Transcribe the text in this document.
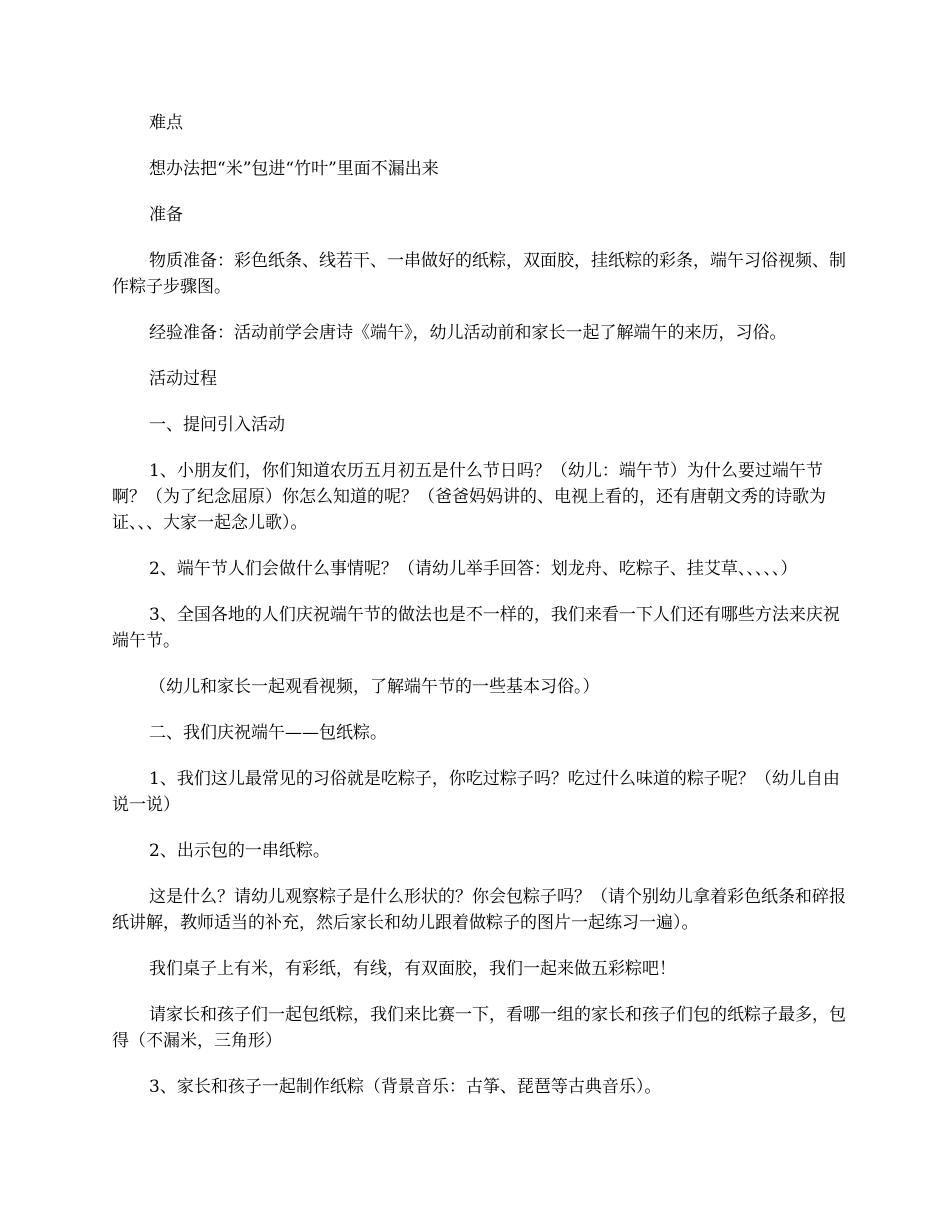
难点

想办法把“米”包进“竹叶”里面不漏出来

准备

物质准备：彩色纸条、线若干、一串做好的纸粽，双面胶，挂纸粽的彩条，端午习俗视频、制作粽子步骤图。

经验准备：活动前学会唐诗《端午》，幼儿活动前和家长一起了解端午的来历，习俗。

活动过程

一、提问引入活动

1、小朋友们，你们知道农历五月初五是什么节日吗？（幼儿：端午节）为什么要过端午节啊？（为了纪念屈原）你怎么知道的呢？（爸爸妈妈讲的、电视上看的，还有唐朝文秀的诗歌为证、、、大家一起念儿歌）。

2、端午节人们会做什么事情呢？（请幼儿举手回答：划龙舟、吃粽子、挂艾草、、、、、）

3、全国各地的人们庆祝端午节的做法也是不一样的，我们来看一下人们还有哪些方法来庆祝端午节。

（幼儿和家长一起观看视频，了解端午节的一些基本习俗。）

二、我们庆祝端午——包纸粽。

1、我们这儿最常见的习俗就是吃粽子，你吃过粽子吗？吃过什么味道的粽子呢？（幼儿自由说一说）

2、出示包的一串纸粽。

这是什么？请幼儿观察粽子是什么形状的？你会包粽子吗？（请个别幼儿拿着彩色纸条和碎报纸讲解，教师适当的补充，然后家长和幼儿跟着做粽子的图片一起练习一遍）。

我们桌子上有米，有彩纸，有线，有双面胶，我们一起来做五彩粽吧！

请家长和孩子们一起包纸粽，我们来比赛一下，看哪一组的家长和孩子们包的纸粽子最多，包得（不漏米，三角形）

3、家长和孩子一起制作纸粽（背景音乐：古筝、琵琶等古典音乐）。
